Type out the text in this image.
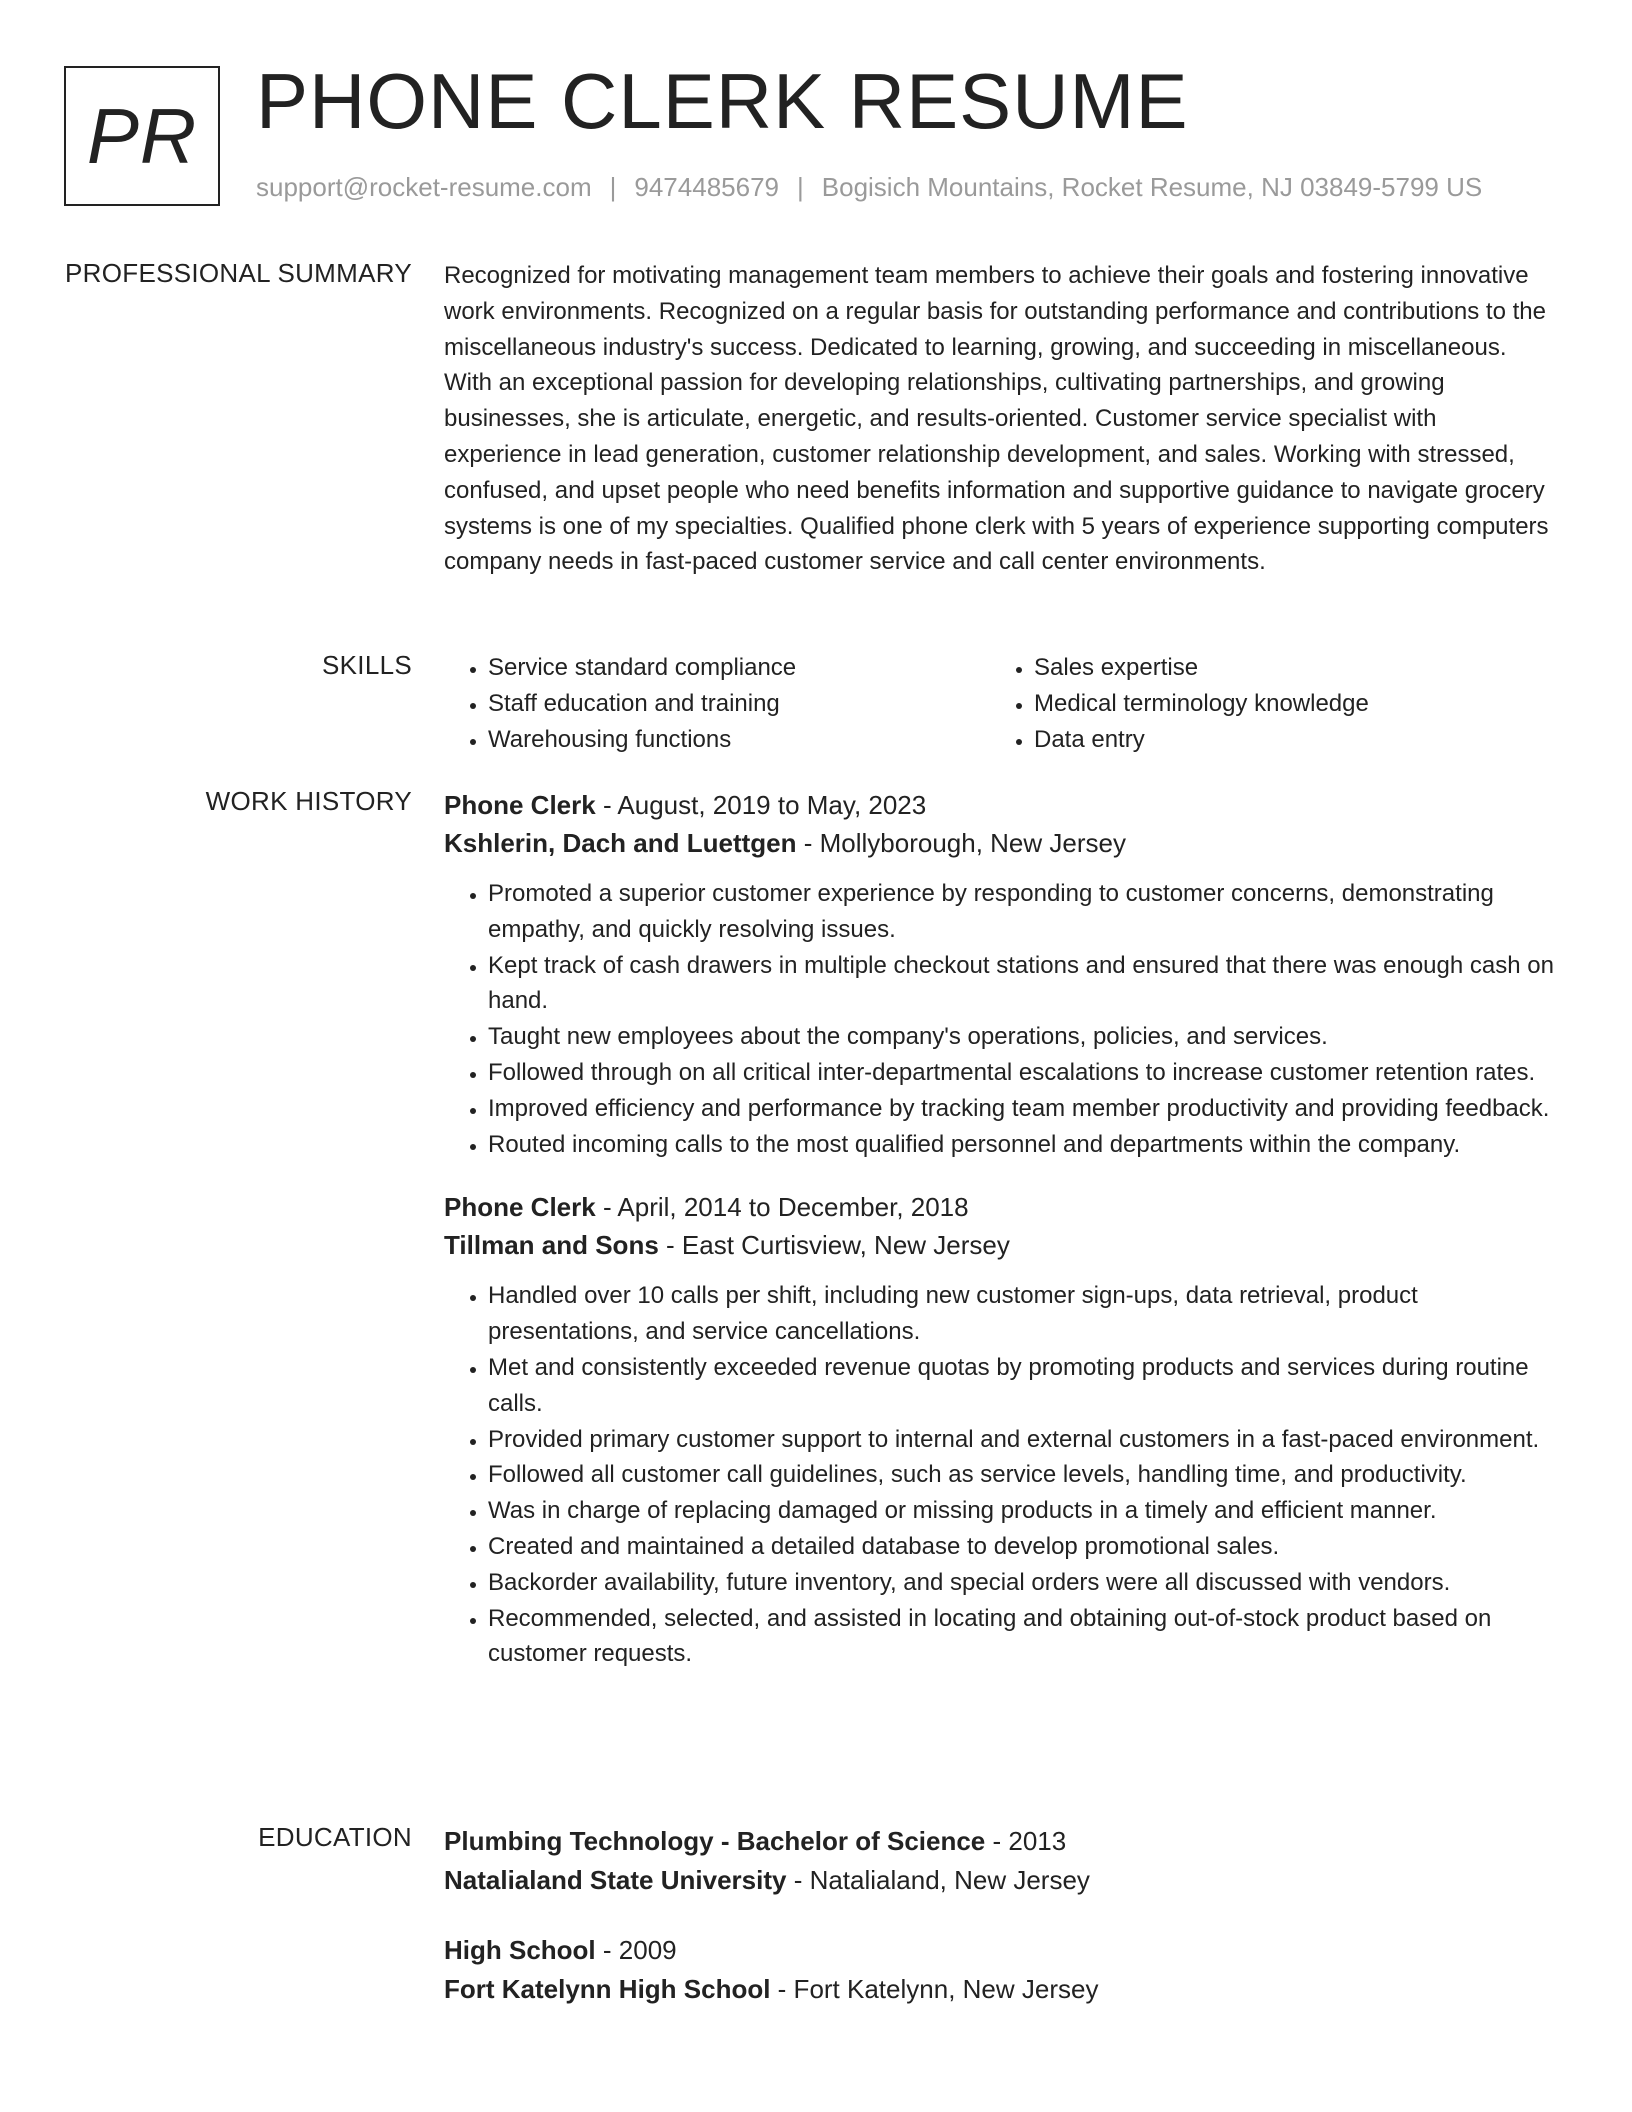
PR PHONE CLERK RESUME
support@rocket-resume.com | 9474485679 | Bogisich Mountains, Rocket Resume, NJ 03849-5799 US
PROFESSIONAL SUMMARY Recognized for motivating management team members to achieve their goals and fostering innovative work environments. Recognized on a regular basis for outstanding performance and contributions to the miscellaneous industry's success. Dedicated to learning, growing, and succeeding in miscellaneous. With an exceptional passion for developing relationships, cultivating partnerships, and growing businesses, she is articulate, energetic, and results-oriented. Customer service specialist with experience in lead generation, customer relationship development, and sales. Working with stressed, confused, and upset people who need benefits information and supportive guidance to navigate grocery systems is one of my specialties. Qualified phone clerk with 5 years of experience supporting computers company needs in fast-paced customer service and call center environments.

SKILLS
•	Service standard compliance
• Staff education and training
• Warehousing functions
• Sales expertise
• Medical terminology knowledge
• Data entry
WORK HISTORY Phone Clerk - August, 2019 to May, 2023
Kshlerin, Dach and Luettgen - Mollyborough, New Jersey
• Promoted a superior customer experience by responding to customer concerns, demonstrating empathy, and quickly resolving issues.
• Kept track of cash drawers in multiple checkout stations and ensured that there was enough cash on hand.
• Taught new employees about the company's operations, policies, and services.
• Followed through on all critical inter-departmental escalations to increase customer retention rates.
• Improved efficiency and performance by tracking team member productivity and providing feedback.
• Routed incoming calls to the most qualified personnel and departments within the company.
Phone Clerk - April, 2014 to December, 2018
Tillman and Sons - East Curtisview, New Jersey
• Handled over 10 calls per shift, including new customer sign-ups, data retrieval, product presentations, and service cancellations.
• Met and consistently exceeded revenue quotas by promoting products and services during routine calls.
• Provided primary customer support to internal and external customers in a fast-paced environment.
• Followed all customer call guidelines, such as service levels, handling time, and productivity.
• Was in charge of replacing damaged or missing products in a timely and efficient manner.
• Created and maintained a detailed database to develop promotional sales.
• Backorder availability, future inventory, and special orders were all discussed with vendors.
• Recommended, selected, and assisted in locating and obtaining out-of-stock product based on customer requests.
EDUCATION Plumbing Technology - Bachelor of Science - 2013
Natalialand State University - Natalialand, New Jersey
High School - 2009
Fort Katelynn High School - Fort Katelynn, New Jersey
